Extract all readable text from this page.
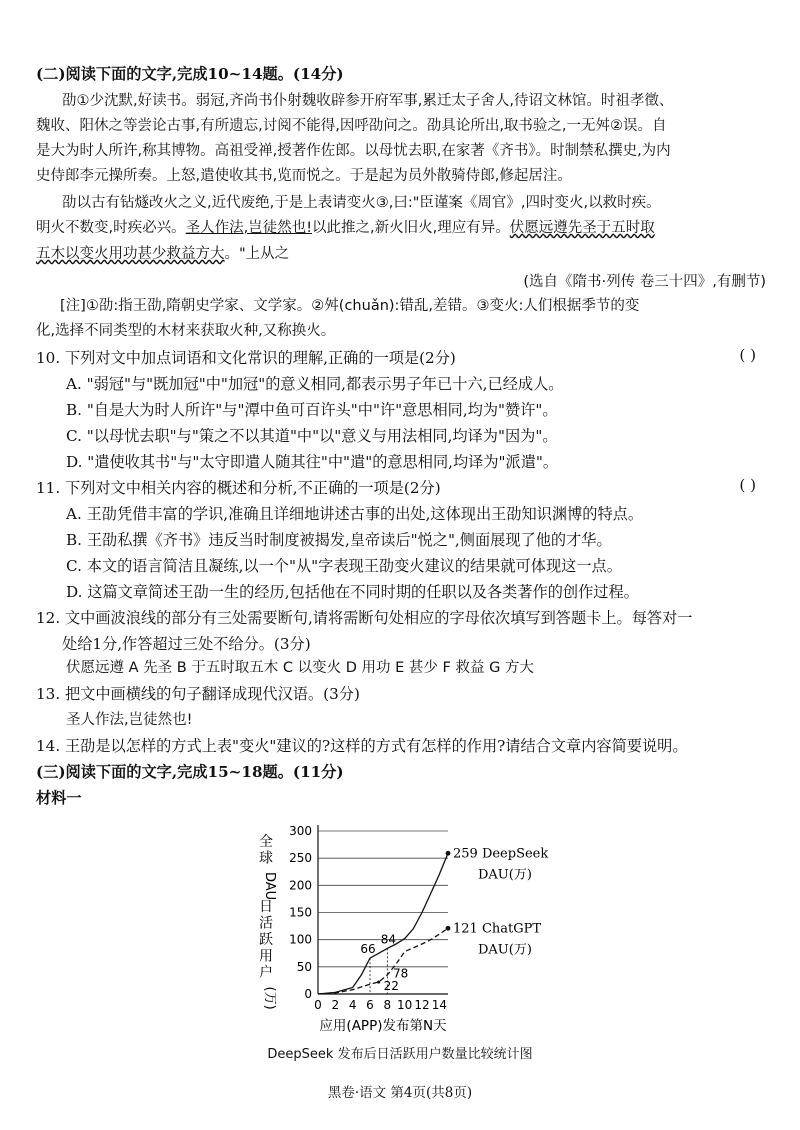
(二)阅读下面的文字,完成10~14题。(14分)
劭①少沈默,好读书。弱冠,齐尚书仆射魏收辟参开府军事,累迁太子舍人,待诏文林馆。时祖孝徵、
魏收、阳休之等尝论古事,有所遗忘,讨阅不能得,因呼劭问之。劭具论所出,取书验之,一无舛②误。自
是大为时人所许,称其博物。高祖受禅,授著作佐郎。以母忧去职,在家著《齐书》。时制禁私撰史,为内
史侍郎李元操所奏。上怒,遣使收其书,览而悦之。于是起为员外散骑侍郎,修起居注。
劭以古有钻燧改火之义,近代废绝,于是上表请变火③,曰:"臣谨案《周官》,四时变火,以救时疾。
明火不数变,时疾必兴。圣人作法,岂徒然也!以此推之,新火旧火,理应有异。伏愿远遵先圣于五时取
五木以变火用功甚少救益方大。"上从之
(选自《隋书·列传 卷三十四》,有删节)
[注]①劭:指王劭,隋朝史学家、文学家。②舛(chuǎn):错乱,差错。③变火:人们根据季节的变
化,选择不同类型的木材来获取火种,又称换火。
10. 下列对文中加点词语和文化常识的理解,正确的一项是(2分)	( )
A. "弱冠"与"既加冠"中"加冠"的意义相同,都表示男子年已十六,已经成人。
B. "自是大为时人所许"与"潭中鱼可百许头"中"许"意思相同,均为"赞许"。
C. "以母忧去职"与"策之不以其道"中"以"意义与用法相同,均译为"因为"。
D. "遣使收其书"与"太守即遣人随其往"中"遣"的意思相同,均译为"派遣"。
11. 下列对文中相关内容的概述和分析,不正确的一项是(2分)	( )
A. 王劭凭借丰富的学识,准确且详细地讲述古事的出处,这体现出王劭知识渊博的特点。
B. 王劭私撰《齐书》违反当时制度被揭发,皇帝读后"悦之",侧面展现了他的才华。
C. 本文的语言简洁且凝练,以一个"从"字表现王劭变火建议的结果就可体现这一点。
D. 这篇文章简述王劭一生的经历,包括他在不同时期的任职以及各类著作的创作过程。
12. 文中画波浪线的部分有三处需要断句,请将需断句处相应的字母依次填写到答题卡上。每答对一
处给1分,作答超过三处不给分。(3分)
伏愿远遵 A 先圣 B 于五时取五木 C 以变火 D 用功 E 甚少 F 救益 G 方大
13. 把文中画横线的句子翻译成现代汉语。(3分)
圣人作法,岂徒然也!
14. 王劭是以怎样的方式上表"变火"建议的?这样的方式有怎样的作用?请结合文章内容简要说明。
(三)阅读下面的文字,完成15~18题。(11分)
材料一
0
50
100
150
200
250
300
0 2 4 6 8 10 12 14
全
球
DAU
日
活
跃
用
户
(万)
应用(APP)发布第N天
259 DeepSeek
DAU(万)
121 ChatGPT
DAU(万)
66
84
78
22
DeepSeek 发布后日活跃用户数量比较统计图
黑卷·语文 第4页(共8页)
